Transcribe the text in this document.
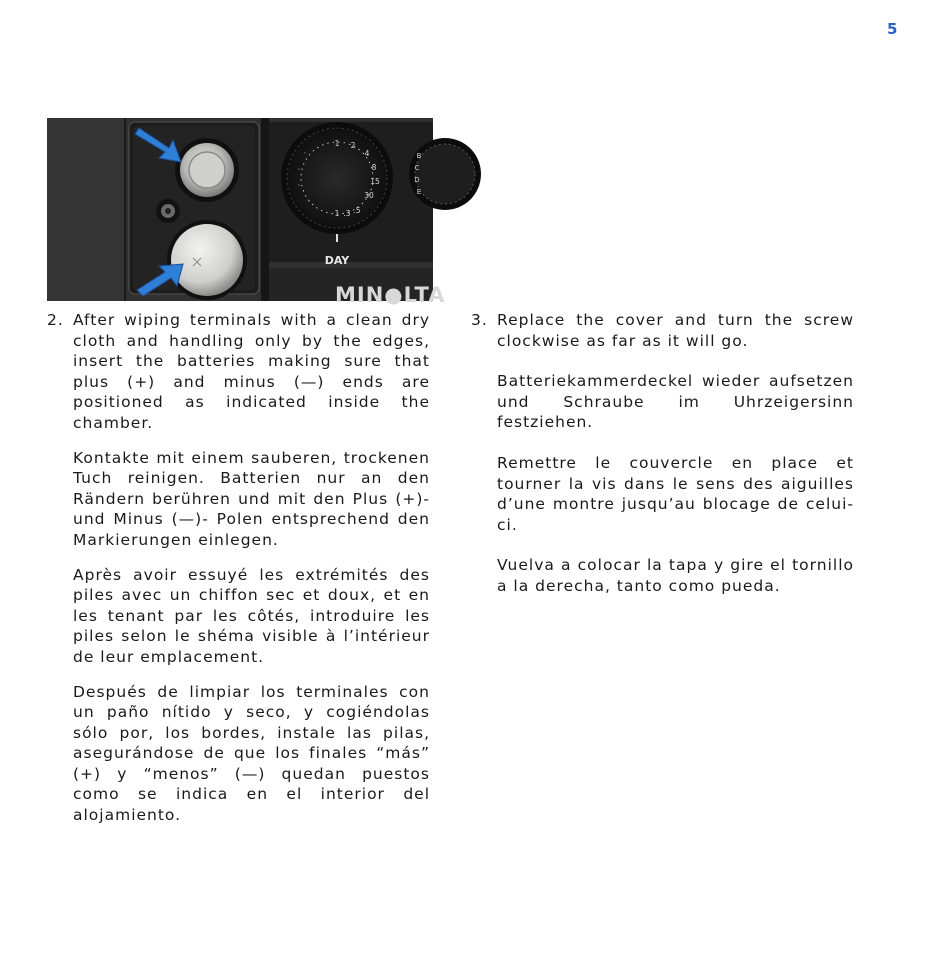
5
1 2
4
8
15
30
·
·
·
·
1 .3 .5
DAY
B
C
D
E
MIN●LTA
2. After wiping terminals with a clean dry cloth and handling only by the edges, insert the batteries making sure that plus (+) and minus (—) ends are positioned as indicated inside the chamber.

Kontakte mit einem sauberen, trockenen Tuch reinigen. Batterien nur an den Rändern berühren und mit den Plus (+)- und Minus (—)- Polen entsprechend den Markierungen einlegen.

Après avoir essuyé les extrémités des piles avec un chiffon sec et doux, et en les tenant par les côtés, introduire les piles selon le shéma visible à l’intérieur de leur emplacement.

Después de limpiar los terminales con un paño nítido y seco, y cogiéndolas sólo por, los bordes, instale las pilas, asegurándose de que los finales “más” (+) y “menos” (—) quedan puestos como se indica en el interior del alojamiento.

3. Replace the cover and turn the screw clockwise as far as it will go.

Batteriekammerdeckel wieder aufsetzen und Schraube im Uhrzeigersinn festziehen.

Remettre le couvercle en place et tourner la vis dans le sens des aiguilles d’une montre jusqu’au blocage de celui-ci.

Vuelva a colocar la tapa y gire el tornillo a la derecha, tanto como pueda.
